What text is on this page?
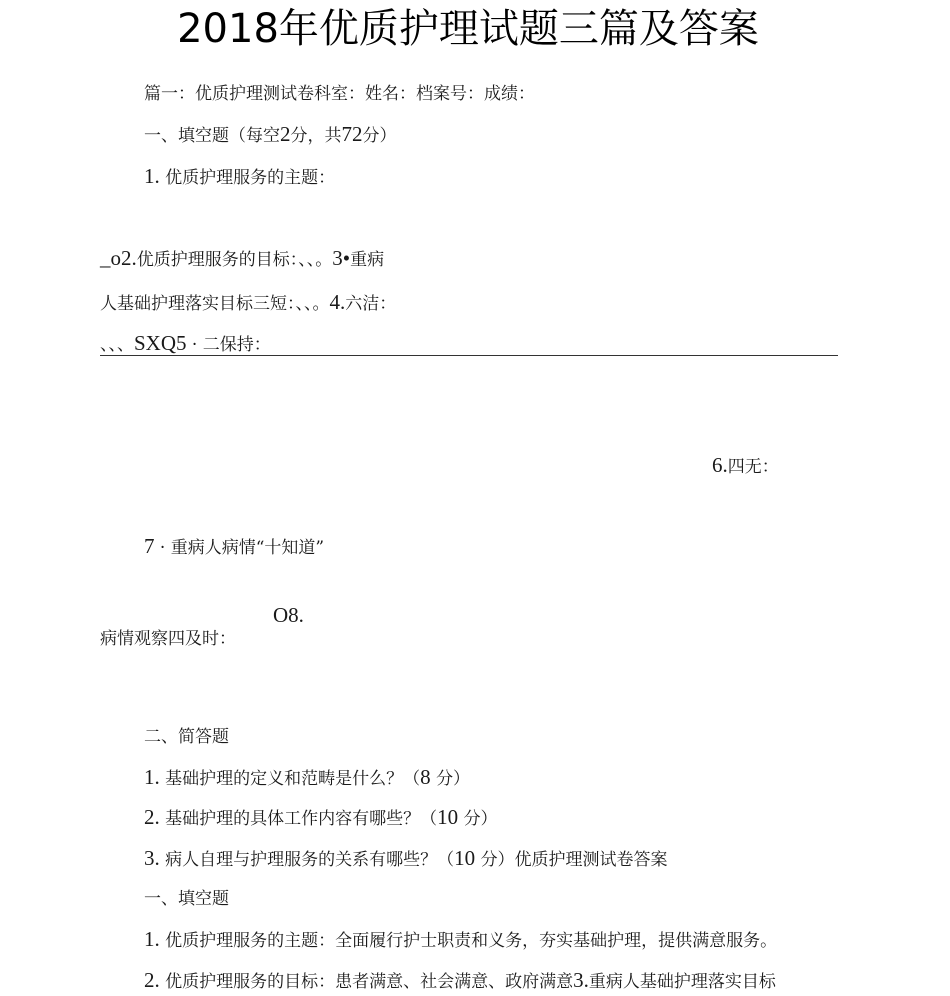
2018年优质护理试题三篇及答案
篇一：优质护理测试卷科室：姓名：档案号：成绩：
一、填空题（每空2分，共72分）
1. 优质护理服务的主题：
_o2.优质护理服务的目标：、、。3•重病
人基础护理落实目标三短：、、。4.六洁：
、、、SXQ5 · 二保持：
6.四无：
7 · 重病人病情“十知道”
O8.
病情观察四及时：
二、简答题
1. 基础护理的定义和范畴是什么？（8 分）
2. 基础护理的具体工作内容有哪些？（10 分）
3. 病人自理与护理服务的关系有哪些？（10 分）优质护理测试卷答案
一、填空题
1. 优质护理服务的主题：全面履行护士职责和义务，夯实基础护理，提供满意服务。
2. 优质护理服务的目标：患者满意、社会满意、政府满意3.重病人基础护理落实目标
